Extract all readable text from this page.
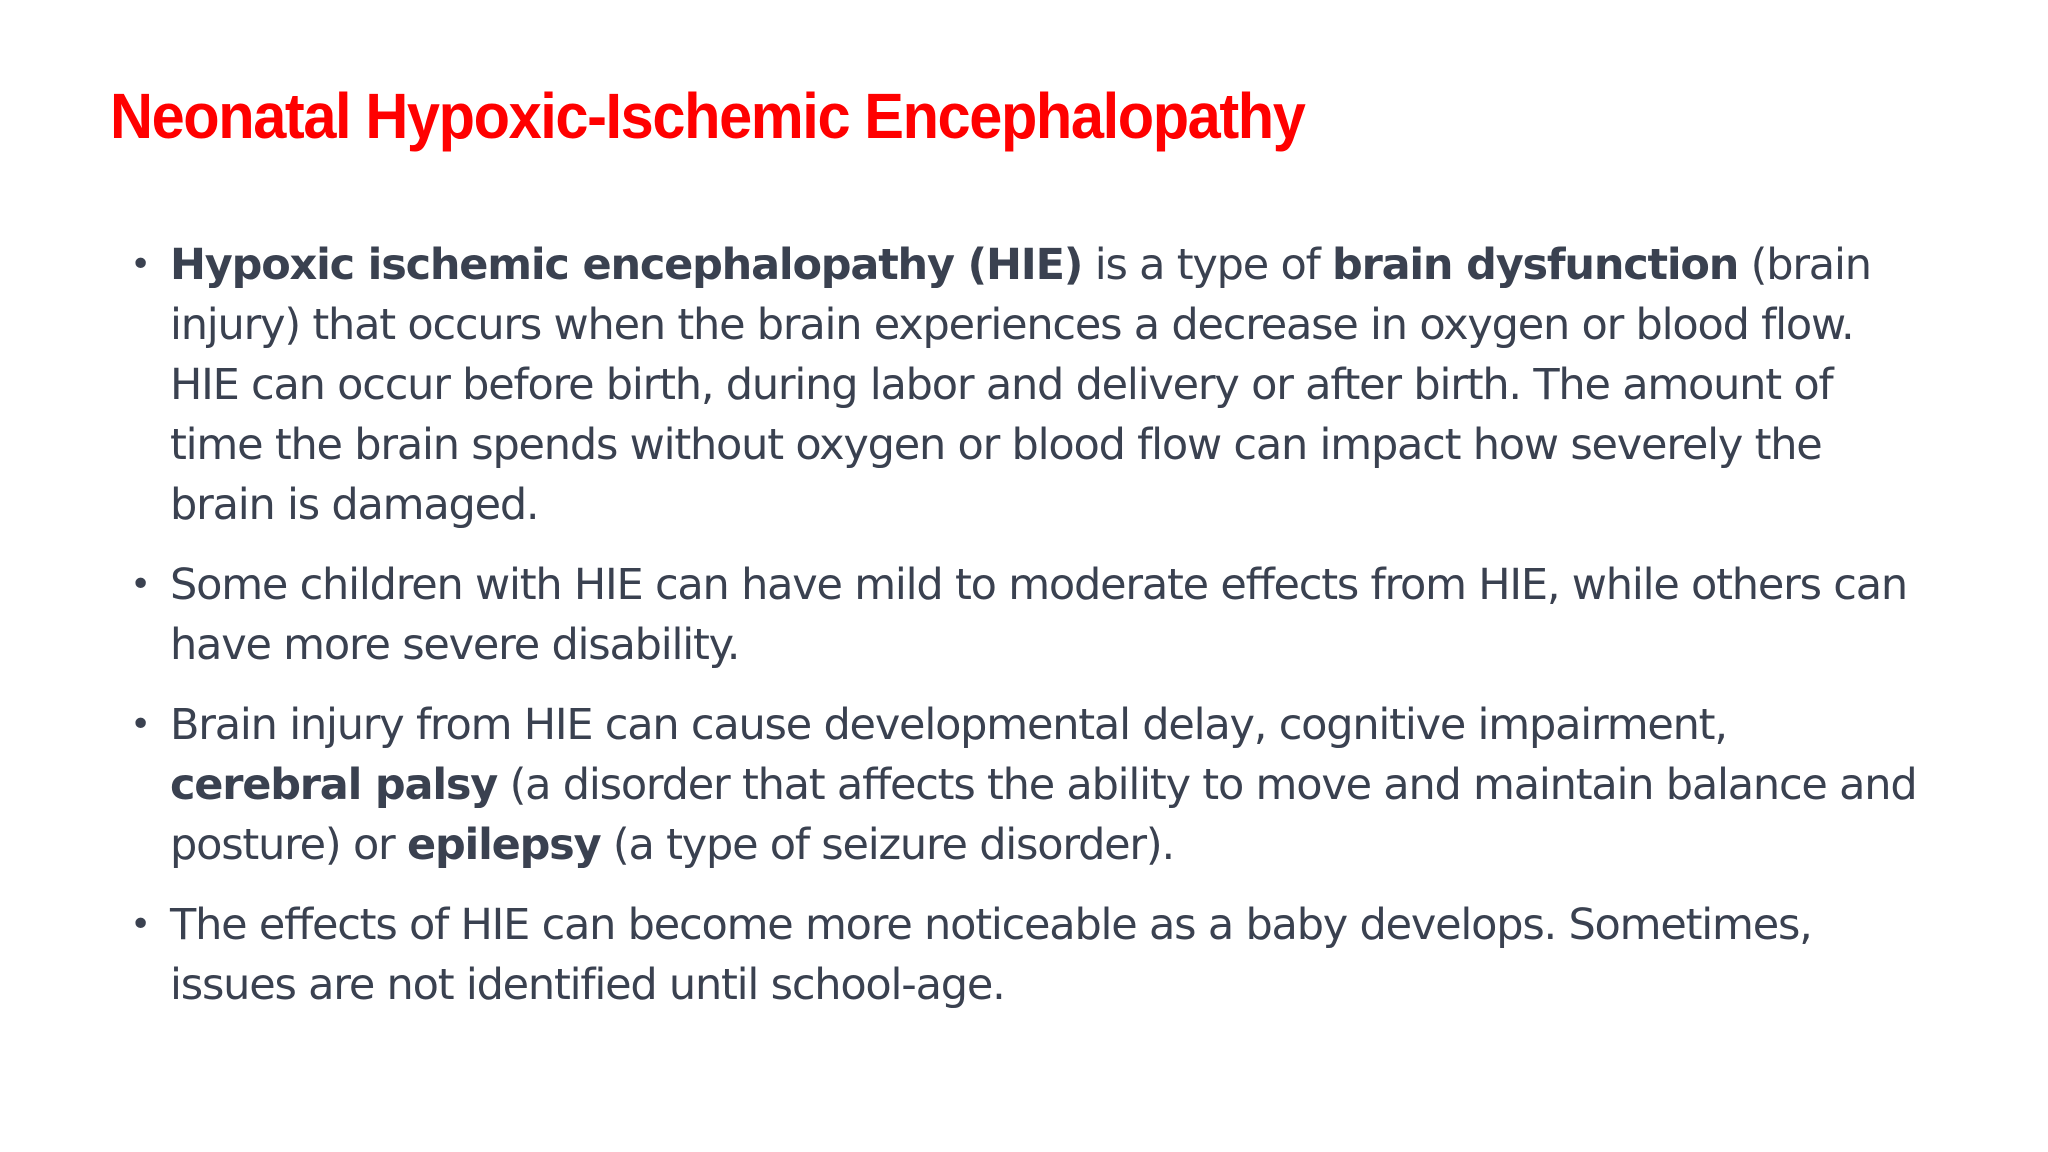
Neonatal Hypoxic-Ischemic Encephalopathy
• Hypoxic ischemic encephalopathy (HIE) is a type of brain dysfunction (brain injury) that occurs when the brain experiences a decrease in oxygen or blood flow. HIE can occur before birth, during labor and delivery or after birth. The amount of time the brain spends without oxygen or blood flow can impact how severely the brain is damaged.
• Some children with HIE can have mild to moderate effects from HIE, while others can have more severe disability.
• Brain injury from HIE can cause developmental delay, cognitive impairment, cerebral palsy (a disorder that affects the ability to move and maintain balance and posture) or epilepsy (a type of seizure disorder).
• The effects of HIE can become more noticeable as a baby develops. Sometimes, issues are not identified until school-age.
